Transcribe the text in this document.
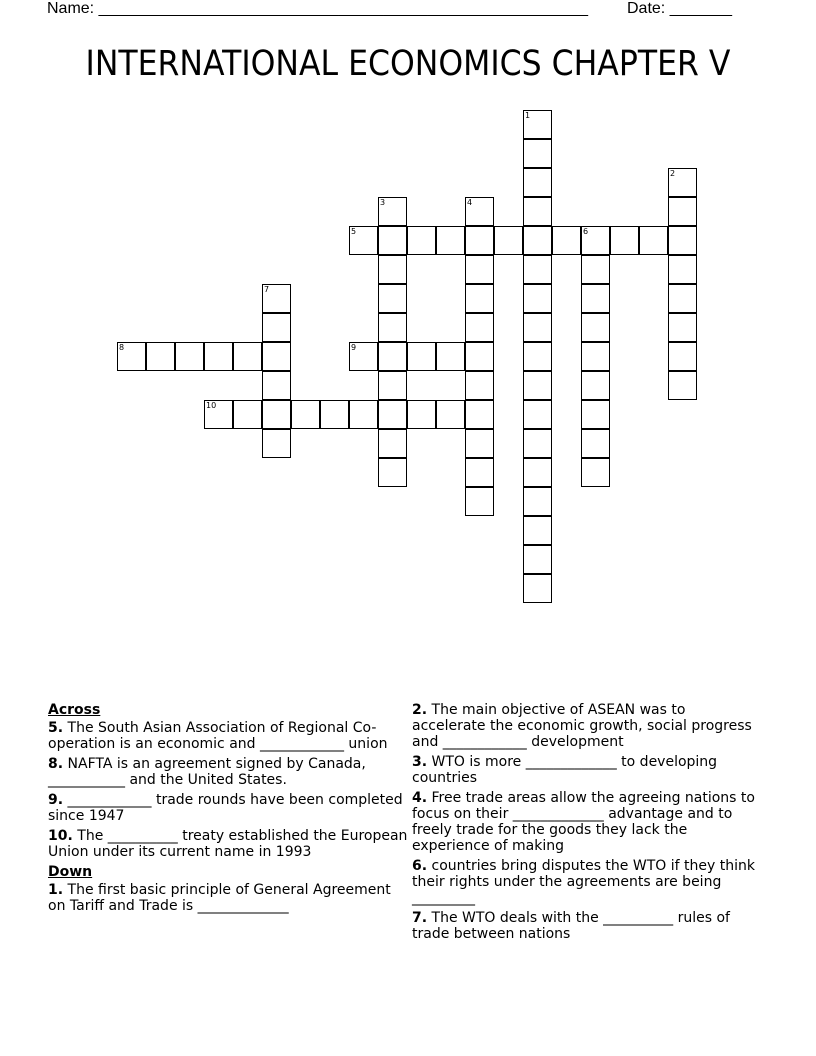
Name: _______________________________________________________ Date: _______
INTERNATIONAL ECONOMICS CHAPTER V
1
2
3	4
5	6
7
8	9
10
Across
5. The South Asian Association of Regional Co-operation is an economic and ____________ union
8. NAFTA is an agreement signed by Canada, ___________ and the United States.
9. ____________ trade rounds have been completed since 1947
10. The __________ treaty established the European Union under its current name in 1993
Down
1. The first basic principle of General Agreement on Tariff and Trade is _____________
2. The main objective of ASEAN was to accelerate the economic growth, social progress and ____________ development
3. WTO is more _____________ to developing countries
4. Free trade areas allow the agreeing nations to focus on their _____________ advantage and to freely trade for the goods they lack the experience of making
6. countries bring disputes the WTO if they think their rights under the agreements are being _________
7. The WTO deals with the __________ rules of trade between nations
